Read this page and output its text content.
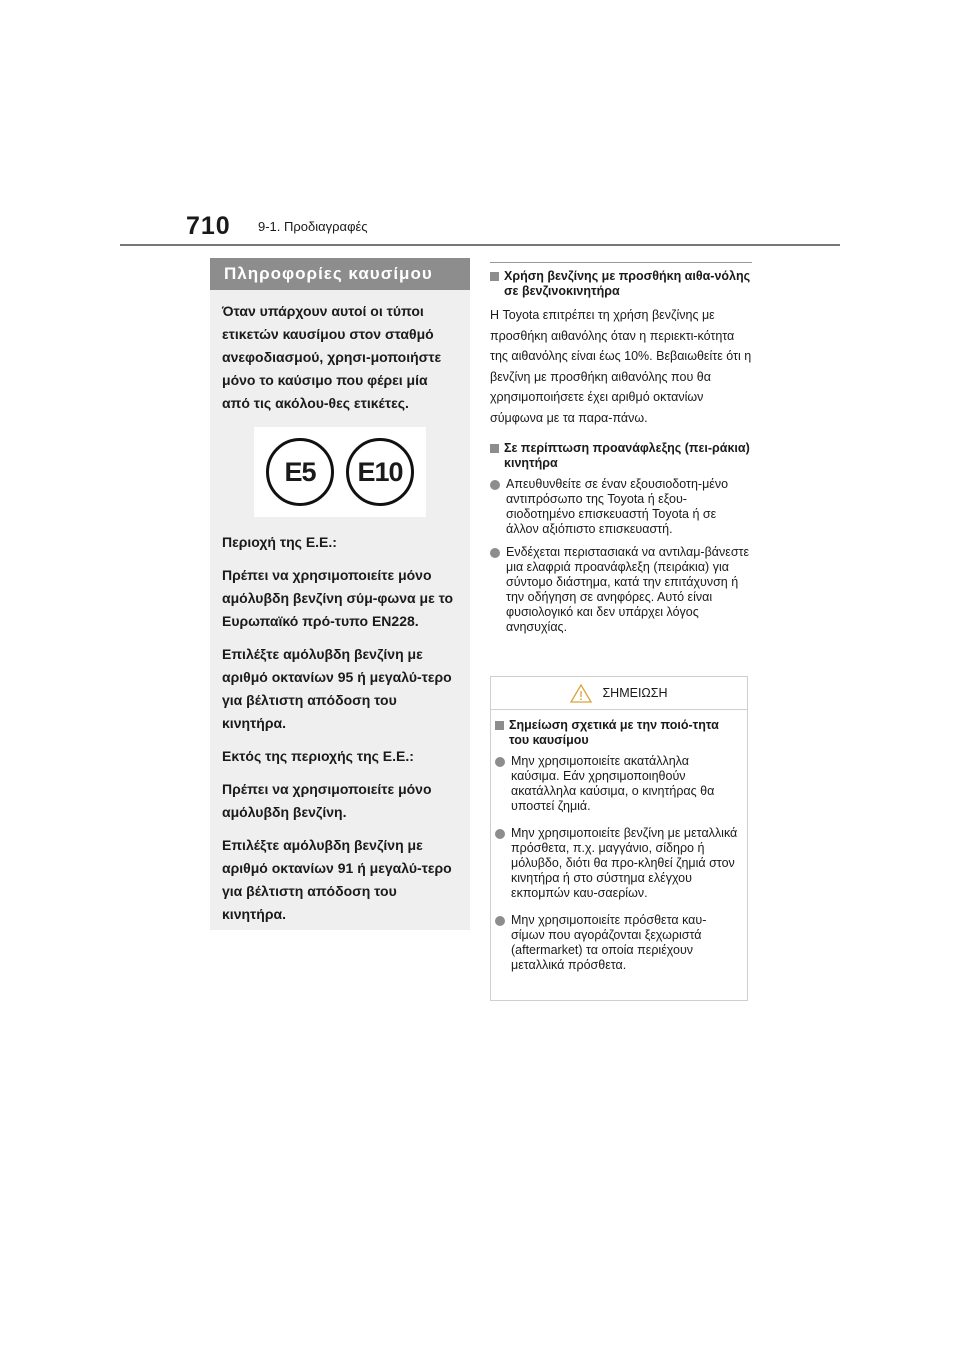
710 9-1. Προδιαγραφές
Πληροφορίες καυσίμου

Όταν υπάρχουν αυτοί οι τύποι ετικετών καυσίμου στον σταθμό ανεφοδιασμού, χρησι-μοποιήστε μόνο το καύσιμο που φέρει μία από τις ακόλου-θες ετικέτες.

E5	E10

Περιοχή της Ε.Ε.:

Πρέπει να χρησιμοποιείτε μόνο αμόλυβδη βενζίνη σύμ-φωνα με το Ευρωπαϊκό πρό-τυπο EN228.

Επιλέξτε αμόλυβδη βενζίνη με αριθμό οκτανίων 95 ή μεγαλύ-τερο για βέλτιστη απόδοση του κινητήρα.

Εκτός της περιοχής της Ε.Ε.:

Πρέπει να χρησιμοποιείτε μόνο αμόλυβδη βενζίνη.

Επιλέξτε αμόλυβδη βενζίνη με αριθμό οκτανίων 91 ή μεγαλύ-τερο για βέλτιστη απόδοση του κινητήρα.

Χρήση βενζίνης με προσθήκη αιθα-νόλης σε βενζινοκινητήρα

Η Toyota επιτρέπει τη χρήση βενζίνης με προσθήκη αιθανόλης όταν η περιεκτι-κότητα της αιθανόλης είναι έως 10%. Βεβαιωθείτε ότι η βενζίνη με προσθήκη αιθανόλης που θα χρησιμοποιήσετε έχει αριθμό οκτανίων σύμφωνα με τα παρα-πάνω.

Σε περίπτωση προανάφλεξης (πει-ράκια) κινητήρα
Απευθυνθείτε σε έναν εξουσιοδοτη-μένο αντιπρόσωπο της Toyota ή εξου-σιοδοτημένο επισκευαστή Toyota ή σε άλλον αξιόπιστο επισκευαστή.
Ενδέχεται περιστασιακά να αντιλαμ-βάνεστε μια ελαφριά προανάφλεξη (πειράκια) για σύντομο διάστημα, κατά την επιτάχυνση ή την οδήγηση σε ανηφόρες. Αυτό είναι φυσιολογικό και δεν υπάρχει λόγος ανησυχίας.
ΣΗΜΕΙΩΣΗ
Σημείωση σχετικά με την ποιό-τητα του καυσίμου
Μην χρησιμοποιείτε ακατάλληλα καύσιμα. Εάν χρησιμοποιηθούν ακατάλληλα καύσιμα, ο κινητήρας θα υποστεί ζημιά.
Μην χρησιμοποιείτε βενζίνη με μεταλλικά πρόσθετα, π.χ. μαγγάνιο, σίδηρο ή μόλυβδο, διότι θα προ-κληθεί ζημιά στον κινητήρα ή στο σύστημα ελέγχου εκπομπών καυ-σαερίων.
Μην χρησιμοποιείτε πρόσθετα καυ-σίμων που αγοράζονται ξεχωριστά (aftermarket) τα οποία περιέχουν μεταλλικά πρόσθετα.
